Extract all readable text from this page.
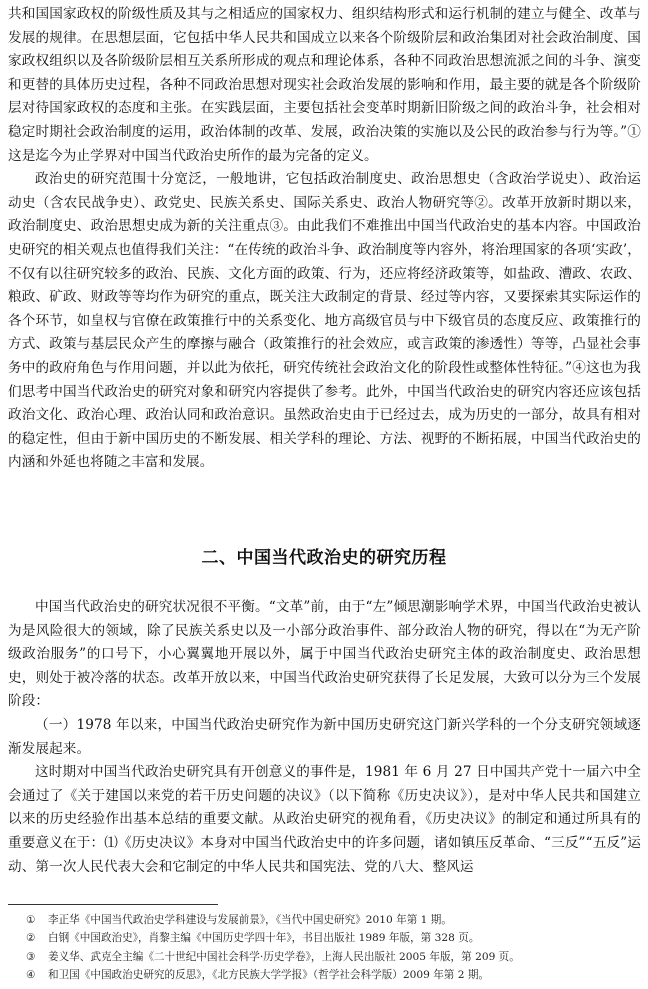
共和国国家政权的阶级性质及其与之相适应的国家权力、组织结构形式和运行机制的建立与健全、改革与发展的规律。在思想层面，它包括中华人民共和国成立以来各个阶级阶层和政治集团对社会政治制度、国家政权组织以及各阶级阶层相互关系所形成的观点和理论体系，各种不同政治思想流派之间的斗争、演变和更替的具体历史过程，各种不同政治思想对现实社会政治发展的影响和作用，最主要的就是各个阶级阶层对待国家政权的态度和主张。在实践层面，主要包括社会变革时期新旧阶级之间的政治斗争，社会相对稳定时期社会政治制度的运用，政治体制的改革、发展，政治决策的实施以及公民的政治参与行为等。”①这是迄今为止学界对中国当代政治史所作的最为完备的定义。

政治史的研究范围十分宽泛，一般地讲，它包括政治制度史、政治思想史（含政治学说史）、政治运动史（含农民战争史）、政党史、民族关系史、国际关系史、政治人物研究等②。改革开放新时期以来，政治制度史、政治思想史成为新的关注重点③。由此我们不难推出中国当代政治史的基本内容。中国政治史研究的相关观点也值得我们关注：“在传统的政治斗争、政治制度等内容外，将治理国家的各项‘实政’，不仅有以往研究较多的政治、民族、文化方面的政策、行为，还应将经济政策等，如盐政、漕政、农政、粮政、矿政、财政等等均作为研究的重点，既关注大政制定的背景、经过等内容，又要探索其实际运作的各个环节，如皇权与官僚在政策推行中的关系变化、地方高级官员与中下级官员的态度反应、政策推行的方式、政策与基层民众产生的摩擦与融合（政策推行的社会效应，或言政策的渗透性）等等，凸显社会事务中的政府角色与作用问题，并以此为依托，研究传统社会政治文化的阶段性或整体性特征。”④这也为我们思考中国当代政治史的研究对象和研究内容提供了参考。此外，中国当代政治史的研究内容还应该包括政治文化、政治心理、政治认同和政治意识。虽然政治史由于已经过去，成为历史的一部分，故具有相对的稳定性，但由于新中国历史的不断发展、相关学科的理论、方法、视野的不断拓展，中国当代政治史的内涵和外延也将随之丰富和发展。

二、中国当代政治史的研究历程

中国当代政治史的研究状况很不平衡。“文革”前，由于“左”倾思潮影响学术界，中国当代政治史被认为是风险很大的领域，除了民族关系史以及一小部分政治事件、部分政治人物的研究，得以在“为无产阶级政治服务”的口号下，小心翼翼地开展以外，属于中国当代政治史研究主体的政治制度史、政治思想史，则处于被冷落的状态。改革开放以来，中国当代政治史研究获得了长足发展，大致可以分为三个发展阶段：

（一）1978 年以来，中国当代政治史研究作为新中国历史研究这门新兴学科的一个分支研究领域逐渐发展起来。

这时期对中国当代政治史研究具有开创意义的事件是，1981 年 6 月 27 日中国共产党十一届六中全会通过了《关于建国以来党的若干历史问题的决议》（以下简称《历史决议》），是对中华人民共和国建立以来的历史经验作出基本总结的重要文献。从政治史研究的视角看，《历史决议》的制定和通过所具有的重要意义在于：⑴《历史决议》本身对中国当代政治史中的许多问题，诸如镇压反革命、“三反”“五反”运动、第一次人民代表大会和它制定的中华人民共和国宪法、党的八大、整风运

① 李正华《中国当代政治史学科建设与发展前景》，《当代中国史研究》2010 年第 1 期。
② 白钢《中国政治史》，肖黎主编《中国历史学四十年》，书目出版社 1989 年版，第 328 页。
③ 姜义华、武克全主编《二十世纪中国社会科学·历史学卷》，上海人民出版社 2005 年版，第 209 页。
④ 和卫国《中国政治史研究的反思》，《北方民族大学学报》（哲学社会科学版）2009 年第 2 期。
